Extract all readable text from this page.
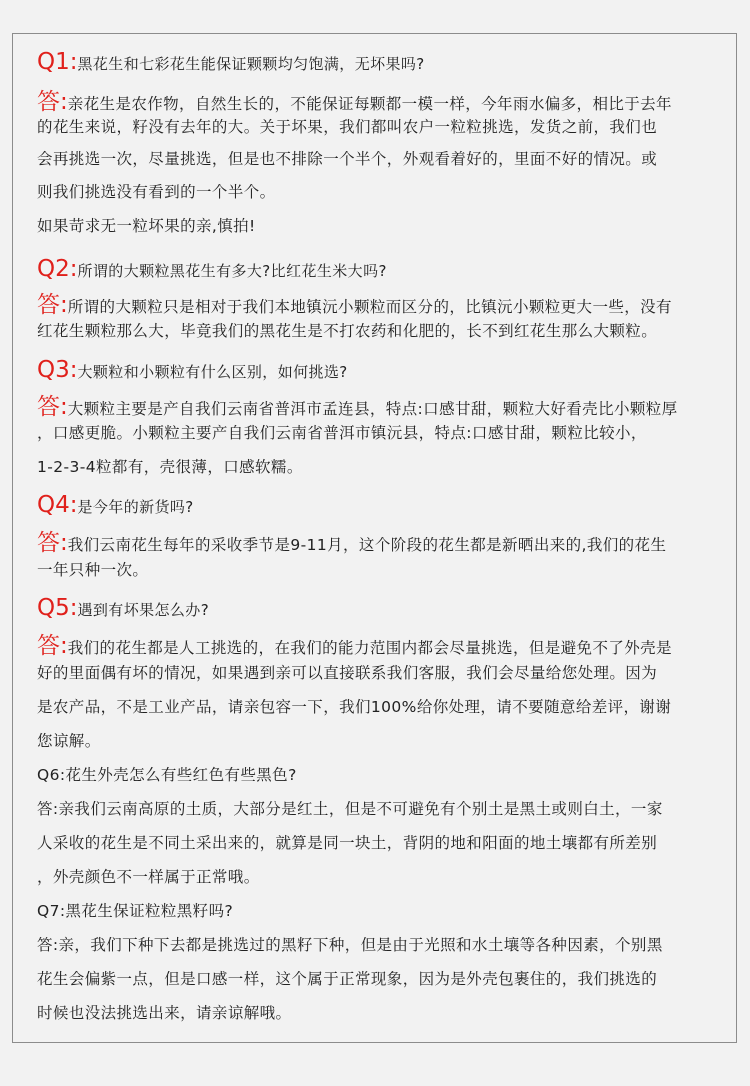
Q1:黑花生和七彩花生能保证颗颗均匀饱满，无坏果吗?
答:亲花生是农作物，自然生长的，不能保证每颗都一模一样，今年雨水偏多，相比于去年
的花生来说，籽没有去年的大。关于坏果，我们都叫农户一粒粒挑选，发货之前，我们也
会再挑选一次，尽量挑选，但是也不排除一个半个，外观看着好的，里面不好的情况。或
则我们挑选没有看到的一个半个。
如果苛求无一粒坏果的亲,慎拍!
Q2:所谓的大颗粒黑花生有多大?比红花生米大吗?
答:所谓的大颗粒只是相对于我们本地镇沅小颗粒而区分的，比镇沅小颗粒更大一些，没有
红花生颗粒那么大，毕竟我们的黑花生是不打农药和化肥的，长不到红花生那么大颗粒。
Q3:大颗粒和小颗粒有什么区别，如何挑选?
答:大颗粒主要是产自我们云南省普洱市孟连县，特点:口感甘甜，颗粒大好看壳比小颗粒厚
，口感更脆。小颗粒主要产自我们云南省普洱市镇沅县，特点:口感甘甜，颗粒比较小，
1-2-3-4粒都有，壳很薄，口感软糯。
Q4:是今年的新货吗?
答:我们云南花生每年的采收季节是9-11月，这个阶段的花生都是新晒出来的,我们的花生
一年只种一次。
Q5:遇到有坏果怎么办?
答:我们的花生都是人工挑选的，在我们的能力范围内都会尽量挑选，但是避免不了外壳是
好的里面偶有坏的情况，如果遇到亲可以直接联系我们客服，我们会尽量给您处理。因为
是农产品，不是工业产品，请亲包容一下，我们100%给你处理，请不要随意给差评，谢谢
您谅解。
Q6:花生外壳怎么有些红色有些黑色?
答:亲我们云南高原的土质，大部分是红土，但是不可避免有个别土是黑土或则白土，一家
人采收的花生是不同土采出来的，就算是同一块土，背阴的地和阳面的地土壤都有所差别
，外壳颜色不一样属于正常哦。
Q7:黑花生保证粒粒黑籽吗?
答:亲，我们下种下去都是挑选过的黑籽下种，但是由于光照和水土壤等各种因素，个别黑
花生会偏紫一点，但是口感一样，这个属于正常现象，因为是外壳包裹住的，我们挑选的
时候也没法挑选出来，请亲谅解哦。
